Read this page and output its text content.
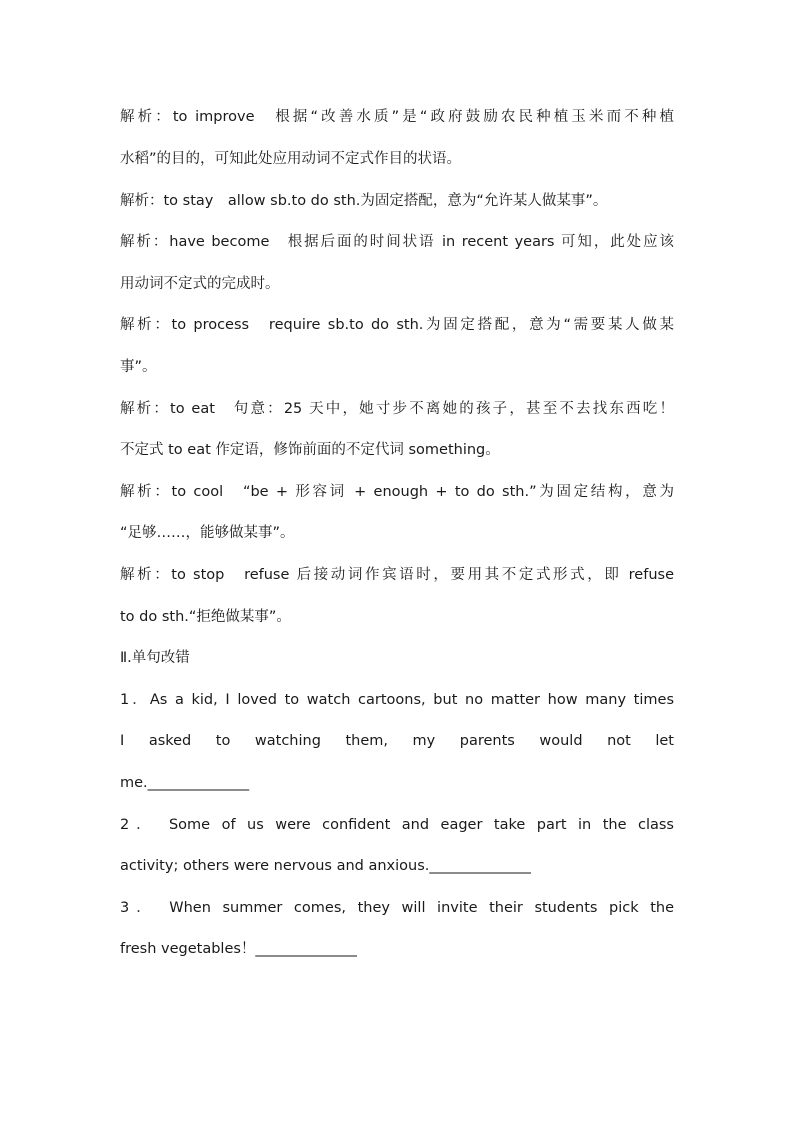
解析：to improve　根据“改善水质”是“政府鼓励农民种植玉米而不种植
水稻”的目的，可知此处应用动词不定式作目的状语。
解析：to stay　allow sb.to do sth.为固定搭配，意为“允许某人做某事”。
解析：have become　根据后面的时间状语 in recent years 可知，此处应该
用动词不定式的完成时。
解析：to process　require sb.to do sth.为固定搭配，意为“需要某人做某
事”。
解析：to eat　句意：25 天中，她寸步不离她的孩子，甚至不去找东西吃！
不定式 to eat 作定语，修饰前面的不定代词 something。
解析：to cool　“be + 形容词 + enough + to do sth.”为固定结构，意为
“足够……，能够做某事”。
解析：to stop　refuse 后接动词作宾语时，要用其不定式形式，即 refuse
to do sth.“拒绝做某事”。
Ⅱ.单句改错
1．As a kid, I loved to watch cartoons, but no matter how many times
I asked to watching them, my parents would not let
me.______________
2． Some of us were confident and eager take part in the class
activity; others were nervous and anxious.______________
3． When summer comes, they will invite their students pick the
fresh vegetables！______________
